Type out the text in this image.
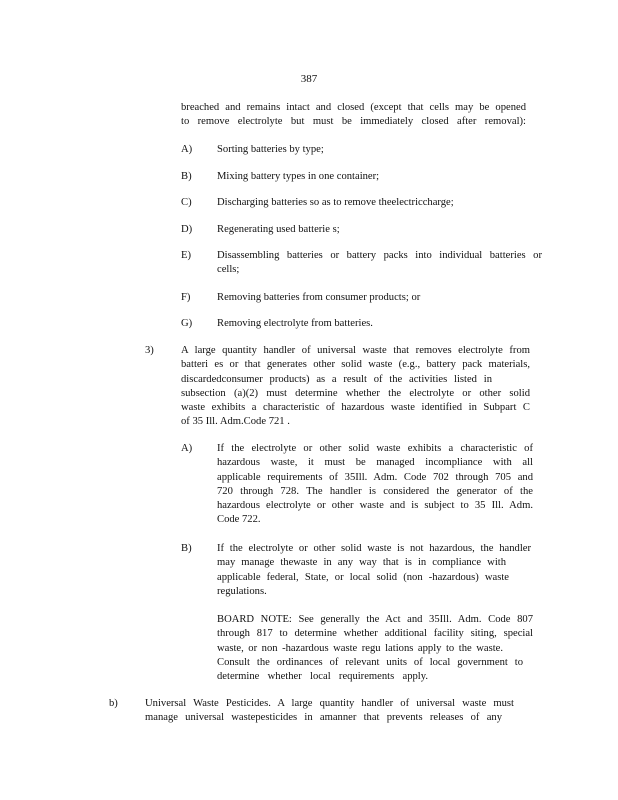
387
breached and remains intact and closed (except that cells may be opened
to remove electrolyte but must be immediately closed after removal):
A) Sorting batteries by type;
B) Mixing battery types in one container;
C) Discharging batteries so as to remove theelectriccharge;
D) Regenerating used batterie s;
E) Disassembling batteries or battery packs into individual batteries or
cells;
F)	Removing batteries from consumer products; or
G) Removing electrolyte from batteries.
3)	A large quantity handler of universal waste that removes electrolyte from
batteri es or that generates other solid waste (e.g., battery pack materials,
discardedconsumer products) as a result of the activities listed in
subsection (a)(2) must determine whether the electrolyte or other solid
waste exhibits a characteristic of hazardous waste identified in Subpart C
of 35 Ill. Adm.Code 721 .
A) If the electrolyte or other solid waste exhibits a characteristic of
hazardous waste, it must be managed incompliance with all
applicable requirements of 35Ill. Adm. Code 702 through 705 and
720 through 728. The handler is considered the generator of the
hazardous electrolyte or other waste and is subject to 35 Ill. Adm.
Code 722.
B) If the electrolyte or other solid waste is not hazardous, the handler
may manage thewaste in any way that is in compliance with
applicable federal, State, or local solid (non -hazardous) waste
regulations.
BOARD NOTE: See generally the Act and 35Ill. Adm. Code 807
through 817 to determine whether additional facility siting, special
waste, or non -hazardous waste regu lations apply to the waste.
Consult the ordinances of relevant units of local government to
determine whether local requirements apply.
b)	Universal Waste Pesticides. A large quantity handler of universal waste must
manage universal wastepesticides in amanner that prevents releases of any
